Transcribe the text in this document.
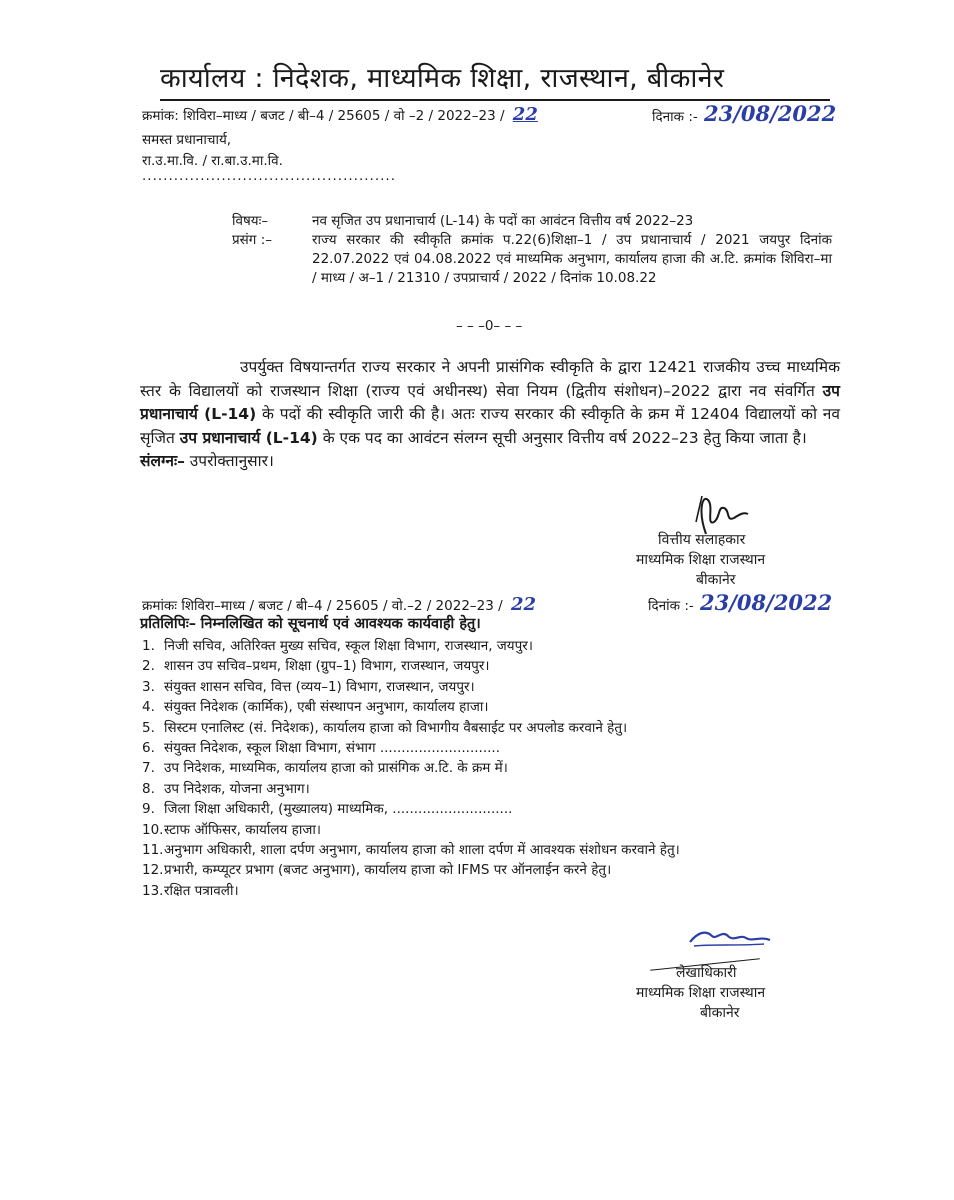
कार्यालय : निदेशक, माध्यमिक शिक्षा, राजस्थान, बीकानेर
क्रमांक: शिविरा–माध्य / बजट / बी–4 / 25605 / वो –2 / 2022–23 / 22	दिनाक :- 23/08/2022
समस्त प्रधानाचार्य,
रा.उ.मा.वि. / रा.बा.उ.मा.वि.
................................................
विषयः–
प्रसंग :–
नव सृजित उप प्रधानाचार्य (L-14) के पदों का आवंटन वित्तीय वर्ष 2022–23
राज्य सरकार की स्वीकृति क्रमांक प.22(6)शिक्षा–1 / उप प्रधानाचार्य / 2021 जयपुर दिनांक 22.07.2022 एवं 04.08.2022 एवं माध्यमिक अनुभाग, कार्यालय हाजा की अ.टि. क्रमांक शिविरा–मा / माध्य / अ–1 / 21310 / उपप्राचार्य / 2022 / दिनांक 10.08.22
– – –0– – –
उपर्युक्त विषयान्तर्गत राज्य सरकार ने अपनी प्रासंगिक स्वीकृति के द्वारा 12421 राजकीय उच्च माध्यमिक स्तर के विद्यालयों को राजस्थान शिक्षा (राज्य एवं अधीनस्थ) सेवा नियम (द्वितीय संशोधन)–2022 द्वारा नव संवर्गित उप प्रधानाचार्य (L-14) के पदों की स्वीकृति जारी की है। अतः राज्य सरकार की स्वीकृति के क्रम में 12404 विद्यालयों को नव सृजित उप प्रधानाचार्य (L-14) के एक पद का आवंटन संलग्न सूची अनुसार वित्तीय वर्ष 2022–23 हेतु किया जाता है।
संलग्नः– उपरोक्तानुसार।
वित्तीय सलाहकार
माध्यमिक शिक्षा राजस्थान
बीकानेर
क्रमांकः शिविरा–माध्य / बजट / बी–4 / 25605 / वो.–2 / 2022–23 / 22	दिनांक :- 23/08/2022
प्रतिलिपिः– निम्नलिखित को सूचनार्थ एवं आवश्यक कार्यवाही हेतु।
1. निजी सचिव, अतिरिक्त मुख्य सचिव, स्कूल शिक्षा विभाग, राजस्थान, जयपुर।
2. शासन उप सचिव–प्रथम, शिक्षा (ग्रुप–1) विभाग, राजस्थान, जयपुर।
3. संयुक्त शासन सचिव, वित्त (व्यय–1) विभाग, राजस्थान, जयपुर।
4. संयुक्त निदेशक (कार्मिक), एबी संस्थापन अनुभाग, कार्यालय हाजा।
5. सिस्टम एनालिस्ट (सं. निदेशक), कार्यालय हाजा को विभागीय वैबसाईट पर अपलोड करवाने हेतु।
6. संयुक्त निदेशक, स्कूल शिक्षा विभाग, संभाग ............................
7. उप निदेशक, माध्यमिक, कार्यालय हाजा को प्रासंगिक अ.टि. के क्रम में।
8. उप निदेशक, योजना अनुभाग।
9. जिला शिक्षा अधिकारी, (मुख्यालय) माध्यमिक, ............................
10.स्टाफ ऑफिसर, कार्यालय हाजा।
11.अनुभाग अधिकारी, शाला दर्पण अनुभाग, कार्यालय हाजा को शाला दर्पण में आवश्यक संशोधन करवाने हेतु।
12.प्रभारी, कम्प्यूटर प्रभाग (बजट अनुभाग), कार्यालय हाजा को IFMS पर ऑनलाईन करने हेतु।
13.रक्षित पत्रावली।
लेखाधिकारी
माध्यमिक शिक्षा राजस्थान
बीकानेर
